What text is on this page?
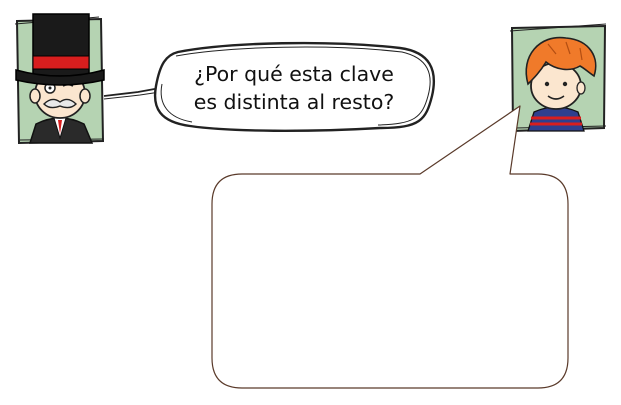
¿Por qué esta clave
es distinta al resto?
